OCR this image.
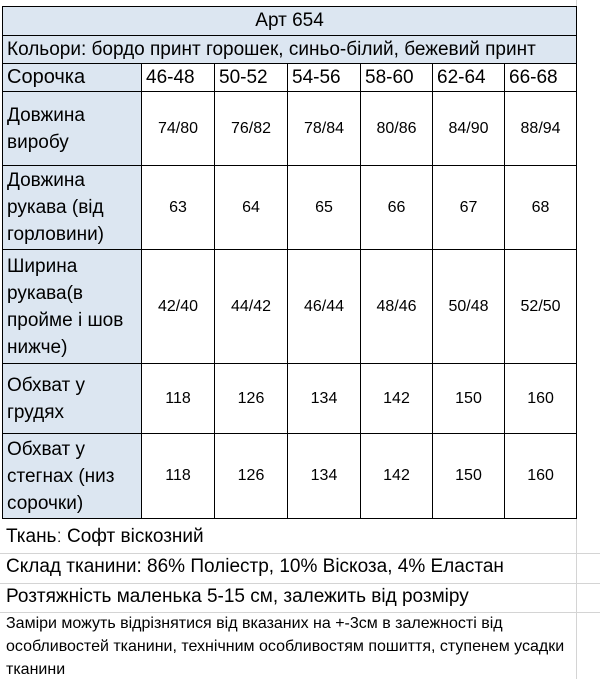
Арт 654						
Кольори: бордо принт горошек, синьо-білий, бежевий принт						
Сорочка	46-48	50-52	54-56	58-60	62-64	66-68
Довжина виробу	74/80	76/82	78/84	80/86	84/90	88/94
Довжина рукава (від горловини)	63	64	65	66	67	68
Ширина рукава(в пройме і шов нижче)	42/40	44/42	46/44	48/46	50/48	52/50
Обхват у грудях	118	126	134	142	150	160
Обхват у стегнах (низ сорочки)	118	126	134	142	150	160
Тканьː Софт віскозний
Склад тканини: 86% Поліестр, 10% Віскоза, 4% Еластан
Розтяжність маленька 5-15 см, залежить від розміру
Заміри можуть відрізнятися від вказаних на +-3см в залежності від особливостей тканини, технічним особливостям пошиття, ступенем усадки тканини
